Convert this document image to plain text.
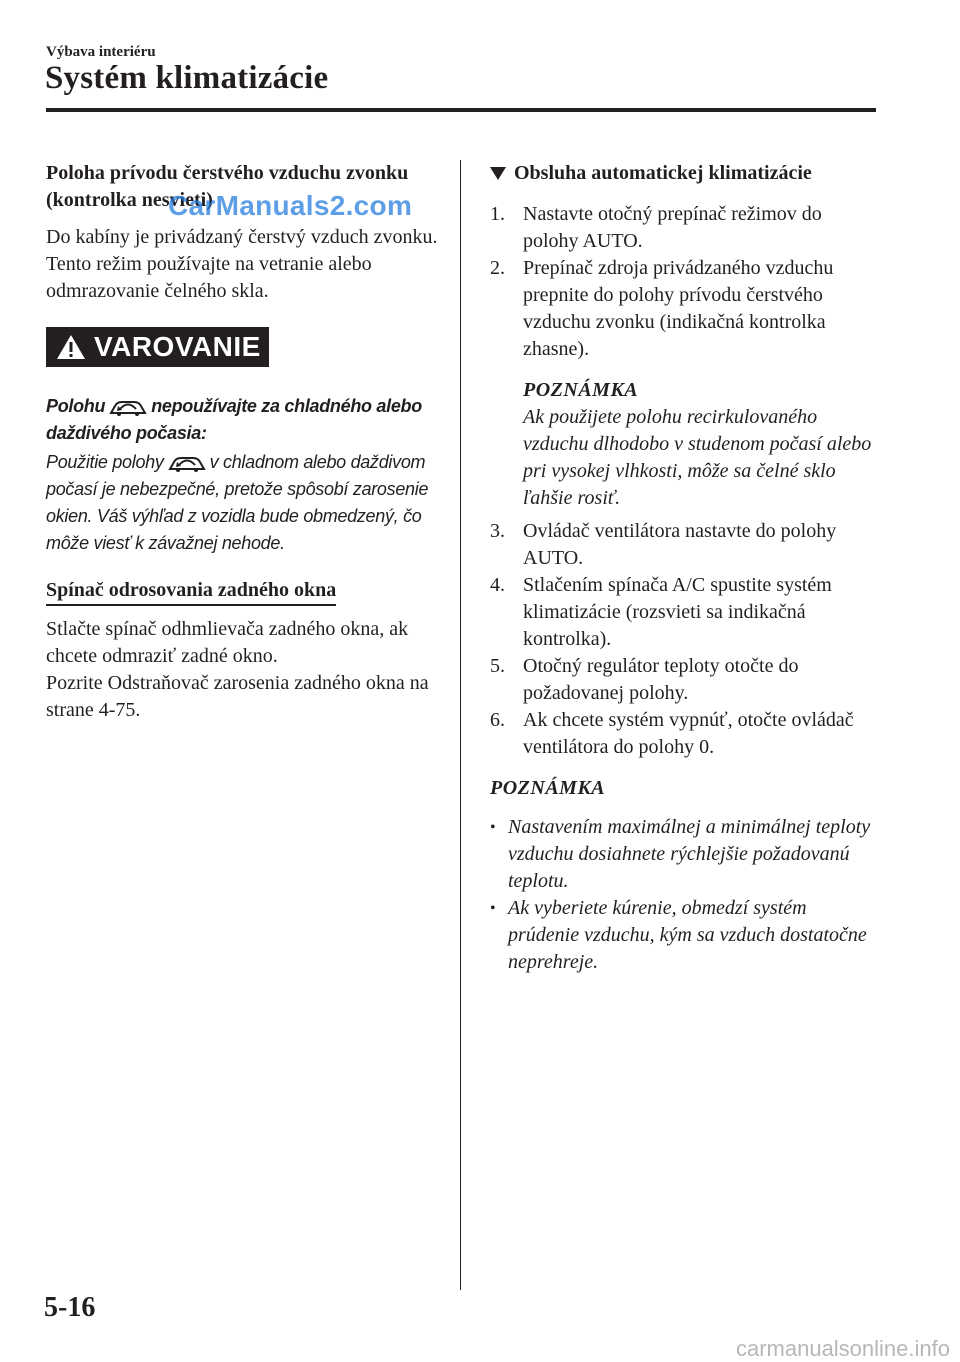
Výbava interiéru
Systém klimatizácie

Poloha prívodu čerstvého vzduchu zvonku (kontrolka nesvieti)

Do kabíny je privádzaný čerstvý vzduch zvonku. Tento režim používajte na vetranie alebo odmrazovanie čelného skla.

VAROVANIE

Polohu	nepoužívajte za chladného alebo daždivého počasia:

Použitie polohy	v chladnom alebo daždivom počasí je nebezpečné, pretože spôsobí zarosenie okien. Váš výhľad z vozidla bude obmedzený, čo môže viesť k závažnej nehode.

Spínač odrosovania zadného okna

Stlačte spínač odhmlievača zadného okna, ak chcete odmraziť zadné okno.

Pozrite Odstraňovač zarosenia zadného okna na strane 4-75.

Obsluha automatickej klimatizácie

1. Nastavte otočný prepínač režimov do polohy AUTO.
2. Prepínač zdroja privádzaného vzduchu prepnite do polohy prívodu čerstvého vzduchu zvonku (indikačná kontrolka zhasne).
POZNÁMKA
Ak použijete polohu recirkulovaného vzduchu dlhodobo v studenom počasí alebo pri vysokej vlhkosti, môže sa čelné sklo ľahšie rosiť.
3. Ovládač ventilátora nastavte do polohy AUTO.
4. Stlačením spínača A/C spustite systém klimatizácie (rozsvieti sa indikačná kontrolka).
5. Otočný regulátor teploty otočte do požadovanej polohy.
6. Ak chcete systém vypnúť, otočte ovládač ventilátora do polohy 0.
POZNÁMKA
• Nastavením maximálnej a minimálnej teploty vzduchu dosiahnete rýchlejšie požadovanú teplotu.
• Ak vyberiete kúrenie, obmedzí systém prúdenie vzduchu, kým sa vzduch dostatočne neprehreje.
CarManuals2.com
5-16
carmanualsonline.info
